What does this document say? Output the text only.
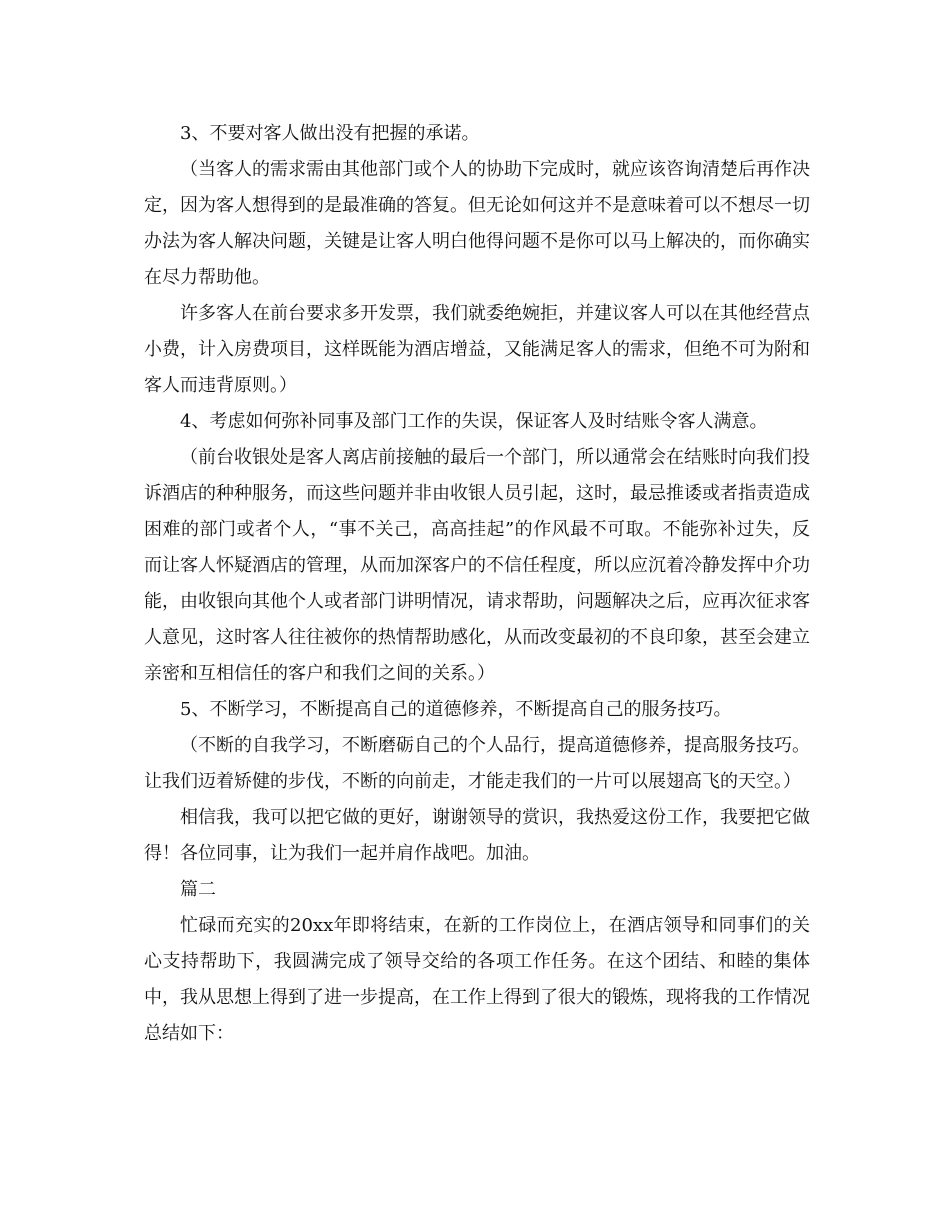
3、不要对客人做出没有把握的承诺。

（当客人的需求需由其他部门或个人的协助下完成时，就应该咨询清楚后再作决定，因为客人想得到的是最准确的答复。但无论如何这并不是意味着可以不想尽一切办法为客人解决问题，关键是让客人明白他得问题不是你可以马上解决的，而你确实在尽力帮助他。

许多客人在前台要求多开发票，我们就委绝婉拒，并建议客人可以在其他经营点小费，计入房费项目，这样既能为酒店增益，又能满足客人的需求，但绝不可为附和客人而违背原则。）

4、考虑如何弥补同事及部门工作的失误，保证客人及时结账令客人满意。

（前台收银处是客人离店前接触的最后一个部门，所以通常会在结账时向我们投诉酒店的种种服务，而这些问题并非由收银人员引起，这时，最忌推诿或者指责造成困难的部门或者个人，“事不关己，高高挂起”的作风最不可取。不能弥补过失，反而让客人怀疑酒店的管理，从而加深客户的不信任程度，所以应沉着冷静发挥中介功能，由收银向其他个人或者部门讲明情况，请求帮助，问题解决之后，应再次征求客人意见，这时客人往往被你的热情帮助感化，从而改变最初的不良印象，甚至会建立亲密和互相信任的客户和我们之间的关系。）

5、不断学习，不断提高自己的道德修养，不断提高自己的服务技巧。

（不断的自我学习，不断磨砺自己的个人品行，提高道德修养，提高服务技巧。让我们迈着矫健的步伐，不断的向前走，才能走我们的一片可以展翅高飞的天空。）

相信我，我可以把它做的更好，谢谢领导的赏识，我热爱这份工作，我要把它做得！各位同事，让为我们一起并肩作战吧。加油。

篇二

忙碌而充实的20xx年即将结束，在新的工作岗位上，在酒店领导和同事们的关心支持帮助下，我圆满完成了领导交给的各项工作任务。在这个团结、和睦的集体中，我从思想上得到了进一步提高，在工作上得到了很大的锻炼，现将我的工作情况总结如下：
